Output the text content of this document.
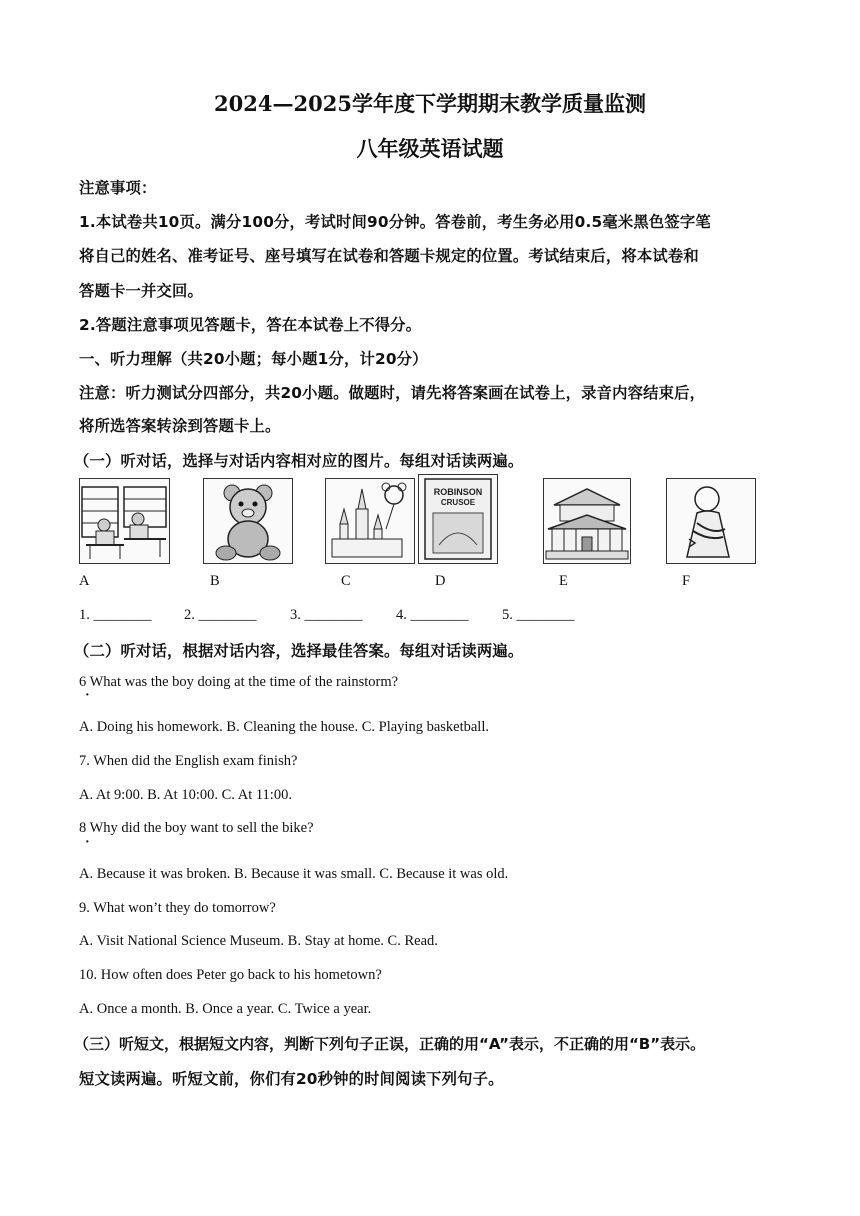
2024—2025学年度下学期期末教学质量监测
八年级英语试题
注意事项：
1.本试卷共10页。满分100分，考试时间90分钟。答卷前，考生务必用0.5毫米黑色签字笔
将自己的姓名、准考证号、座号填写在试卷和答题卡规定的位置。考试结束后，将本试卷和
答题卡一并交回。
2.答题注意事项见答题卡，答在本试卷上不得分。
一、听力理解（共20小题；每小题1分，计20分）
注意：听力测试分四部分，共20小题。做题时，请先将答案画在试卷上，录音内容结束后，
将所选答案转涂到答题卡上。
（一）听对话，选择与对话内容相对应的图片。每组对话读两遍。
ROBINSON
CRUSOE
A	B	C	D	E	F
1. ________ 2. ________ 3. ________ 4. ________ 5. ________
（二）听对话，根据对话内容，选择最佳答案。每组对话读两遍。
6 What was the boy doing at the time of the rainstorm?
·
A. Doing his homework. B. Cleaning the house. C. Playing basketball.
7. When did the English exam finish?
A. At 9:00. B. At 10:00. C. At 11:00.
8 Why did the boy want to sell the bike?
·
A. Because it was broken. B. Because it was small. C. Because it was old.
9. What won’t they do tomorrow?
A. Visit National Science Museum. B. Stay at home. C. Read.
10. How often does Peter go back to his hometown?
A. Once a month. B. Once a year. C. Twice a year.
（三）听短文，根据短文内容，判断下列句子正误，正确的用“A”表示，不正确的用“B”表示。
短文读两遍。听短文前，你们有20秒钟的时间阅读下列句子。
